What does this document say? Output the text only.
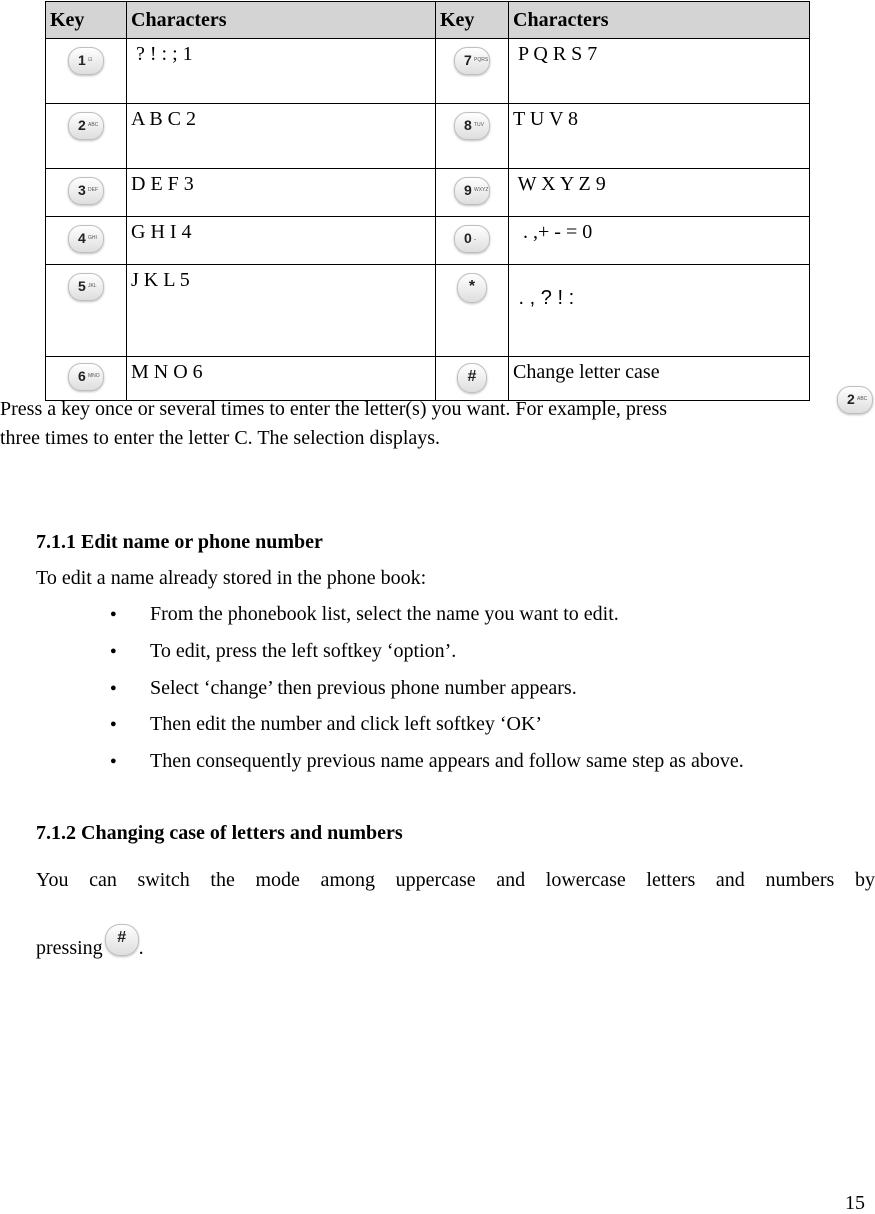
Key	Characters	Key	Characters

1 ⊡	? ! : ; 1	7 PQRS	P Q R S 7

2 ABC	A B C 2	8 TUV	T U V 8

3 DEF	D E F 3	9 WXYZ	W X Y Z 9

4 GHI	G H I 4	0 ⎵	. ,+ - = 0

5 JKL	J K L 5	*	. , ? ! :

6 MNO	M N O 6	#	Change letter case

Press a key once or several times to enter the letter(s) you want. For example, press	2 ABC

three times to enter the letter C. The selection displays.

7.1.1 Edit name or phone number

To edit a name already stored in the phone book:

● From the phonebook list, select the name you want to edit.
● To edit, press the left softkey ‘option’.
● Select ‘change’ then previous phone number appears.
● Then edit the number and click left softkey ‘OK’
● Then consequently previous name appears and follow same step as above.

7.1.2 Changing case of letters and numbers

You can switch the mode among uppercase and lowercase letters and numbers by

pressing # .

15
